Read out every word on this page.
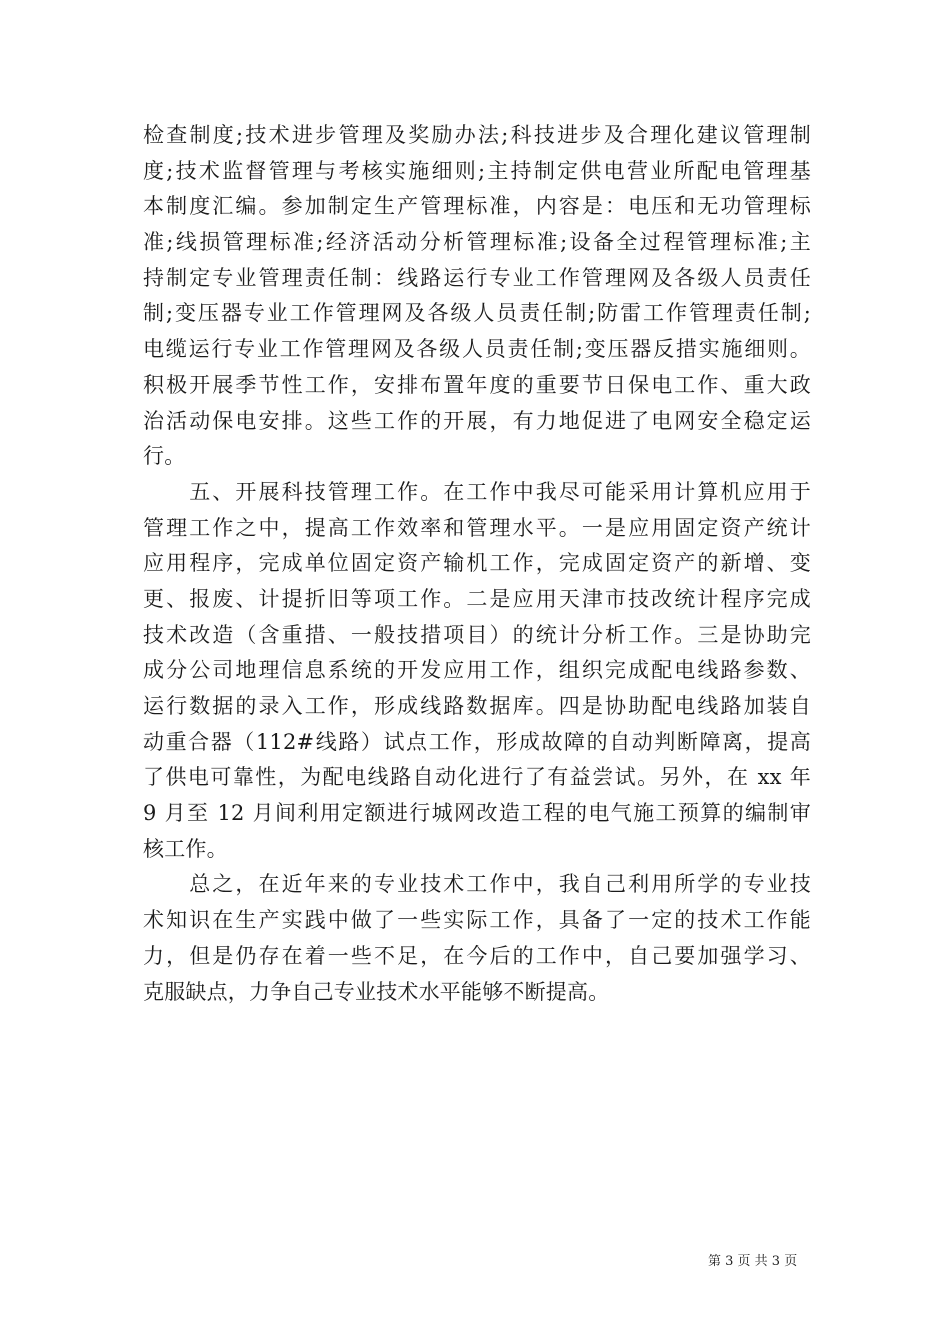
检查制度;技术进步管理及奖励办法;科技进步及合理化建议管理制
度;技术监督管理与考核实施细则;主持制定供电营业所配电管理基
本制度汇编。参加制定生产管理标准，内容是：电压和无功管理标
准;线损管理标准;经济活动分析管理标准;设备全过程管理标准;主
持制定专业管理责任制：线路运行专业工作管理网及各级人员责任
制;变压器专业工作管理网及各级人员责任制;防雷工作管理责任制;
电缆运行专业工作管理网及各级人员责任制;变压器反措实施细则。
积极开展季节性工作，安排布置年度的重要节日保电工作、重大政
治活动保电安排。这些工作的开展，有力地促进了电网安全稳定运
行。
　　五、开展科技管理工作。在工作中我尽可能采用计算机应用于
管理工作之中，提高工作效率和管理水平。一是应用固定资产统计
应用程序，完成单位固定资产输机工作，完成固定资产的新增、变
更、报废、计提折旧等项工作。二是应用天津市技改统计程序完成
技术改造（含重措、一般技措项目）的统计分析工作。三是协助完
成分公司地理信息系统的开发应用工作，组织完成配电线路参数、
运行数据的录入工作，形成线路数据库。四是协助配电线路加装自
动重合器（112#线路）试点工作，形成故障的自动判断障离，提高
了供电可靠性，为配电线路自动化进行了有益尝试。另外，在 xx 年
9 月至 12 月间利用定额进行城网改造工程的电气施工预算的编制审
核工作。
　　总之，在近年来的专业技术工作中，我自己利用所学的专业技
术知识在生产实践中做了一些实际工作，具备了一定的技术工作能
力，但是仍存在着一些不足，在今后的工作中，自己要加强学习、
克服缺点，力争自己专业技术水平能够不断提高。
第 3 页 共 3 页
